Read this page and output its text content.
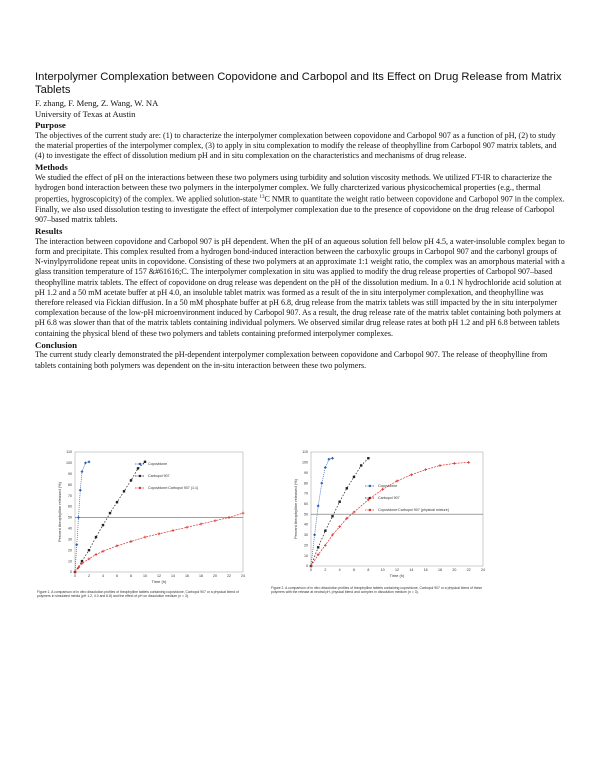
Interpolymer Complexation between Copovidone and Carbopol and Its Effect on Drug Release from Matrix Tablets
F. zhang, F. Meng, Z. Wang, W. NA
University of Texas at Austin
Purpose

The objectives of the current study are: (1) to characterize the interpolymer complexation between copovidone and Carbopol 907 as a function of pH, (2) to study the material properties of the interpolymer complex, (3) to apply in situ complexation to modify the release of theophylline from Carbopol 907 matrix tablets, and (4) to investigate the effect of dissolution medium pH and in situ complexation on the characteristics and mechanisms of drug release.

Methods

We studied the effect of pH on the interactions between these two polymers using turbidity and solution viscosity methods. We utilized FT-IR to characterize the hydrogen bond interaction between these two polymers in the interpolymer complex. We fully charcterized various physicochemical properties (e.g., thermal properties, hygroscopicity) of the complex. We applied solution-state $^{13}$C NMR to quantitate the weight ratio between copovidone and Carbopol 907 in the complex. Finally, we also used dissolution testing to investigate the effect of interpolymer complexation due to the presence of copovidone on the drug release of Carbopol 907–based matrix tablets.

Results

The interaction between copovidone and Carbopol 907 is pH dependent. When the pH of an aqueous solution fell below pH 4.5, a water-insoluble complex began to form and precipitate. This complex resulted from a hydrogen bond-induced interaction between the carboxylic groups in Carbopol 907 and the carbonyl groups of N-vinylpyrrolidone repeat units in copovidone. Consisting of these two polymers at an approximate 1:1 weight ratio, the complex was an amorphous material with a glass transition temperature of 157 &#61616;C. The interpolymer complexation in situ was applied to modify the drug release properties of Carbopol 907–based theophylline matrix tablets. The effect of copovidone on drug release was dependent on the pH of the dissolution medium. In a 0.1 N hydrochloride acid solution at pH 1.2 and a 50 mM acetate buffer at pH 4.0, an insoluble tablet matrix was formed as a result of the in situ interpolymer complexation, and theophylline was therefore released via Fickian diffusion. In a 50 mM phosphate buffer at pH 6.8, drug release from the matrix tablets was still impacted by the in situ interpolymer complexation because of the low-pH microenvironment induced by Carbopol 907. As a result, the drug release rate of the matrix tablet containing both polymers at pH 6.8 was slower than that of the matrix tablets containing individual polymers. We observed similar drug release rates at both pH 1.2 and pH 6.8 between tablets containing the physical blend of these two polymers and tablets containing preformed interpolymer complexes.

Conclusion

The current study clearly demonstrated the pH-dependent interpolymer complexation between copovidone and Carbopol 907. The release of theophylline from tablets containing both polymers was dependent on the in-situ interaction between these two polymers.

0
10
20
30
40
50
60
70
80
90
100
110
0	2	4	6	8	10	12	14	16	18	20	22	24
Time (h)
Percent theophylline released (%)
Copovidone
Carbopol 907
Copovidone:Carbopol 907 (1:1)
Figure 1. A comparison of in vitro dissolution profiles of theophylline tablets containing copovidone, Carbopol 907 or a physical blend of polymers in simulated media (pH 1.2, 4.0 and 6.8) and the effect of pH on dissolution medium (n = 3).
0
10
20
30
40
50
60
70
80
90
100
110
0	2	4	6	8	10	12	14	16	18	20	22	24
Time (h)
Percent theophylline released (%)	Copovidone
Carbopol 907
Copovidone:Carbopol 907 (physical mixture)
Figure 2. A comparison of in vitro dissolution profiles of theophylline tablets containing copovidone, Carbopol 907 or a physical blend of these polymers with the release at neutral pH, physical blend and complex in dissolution medium (n = 3).
